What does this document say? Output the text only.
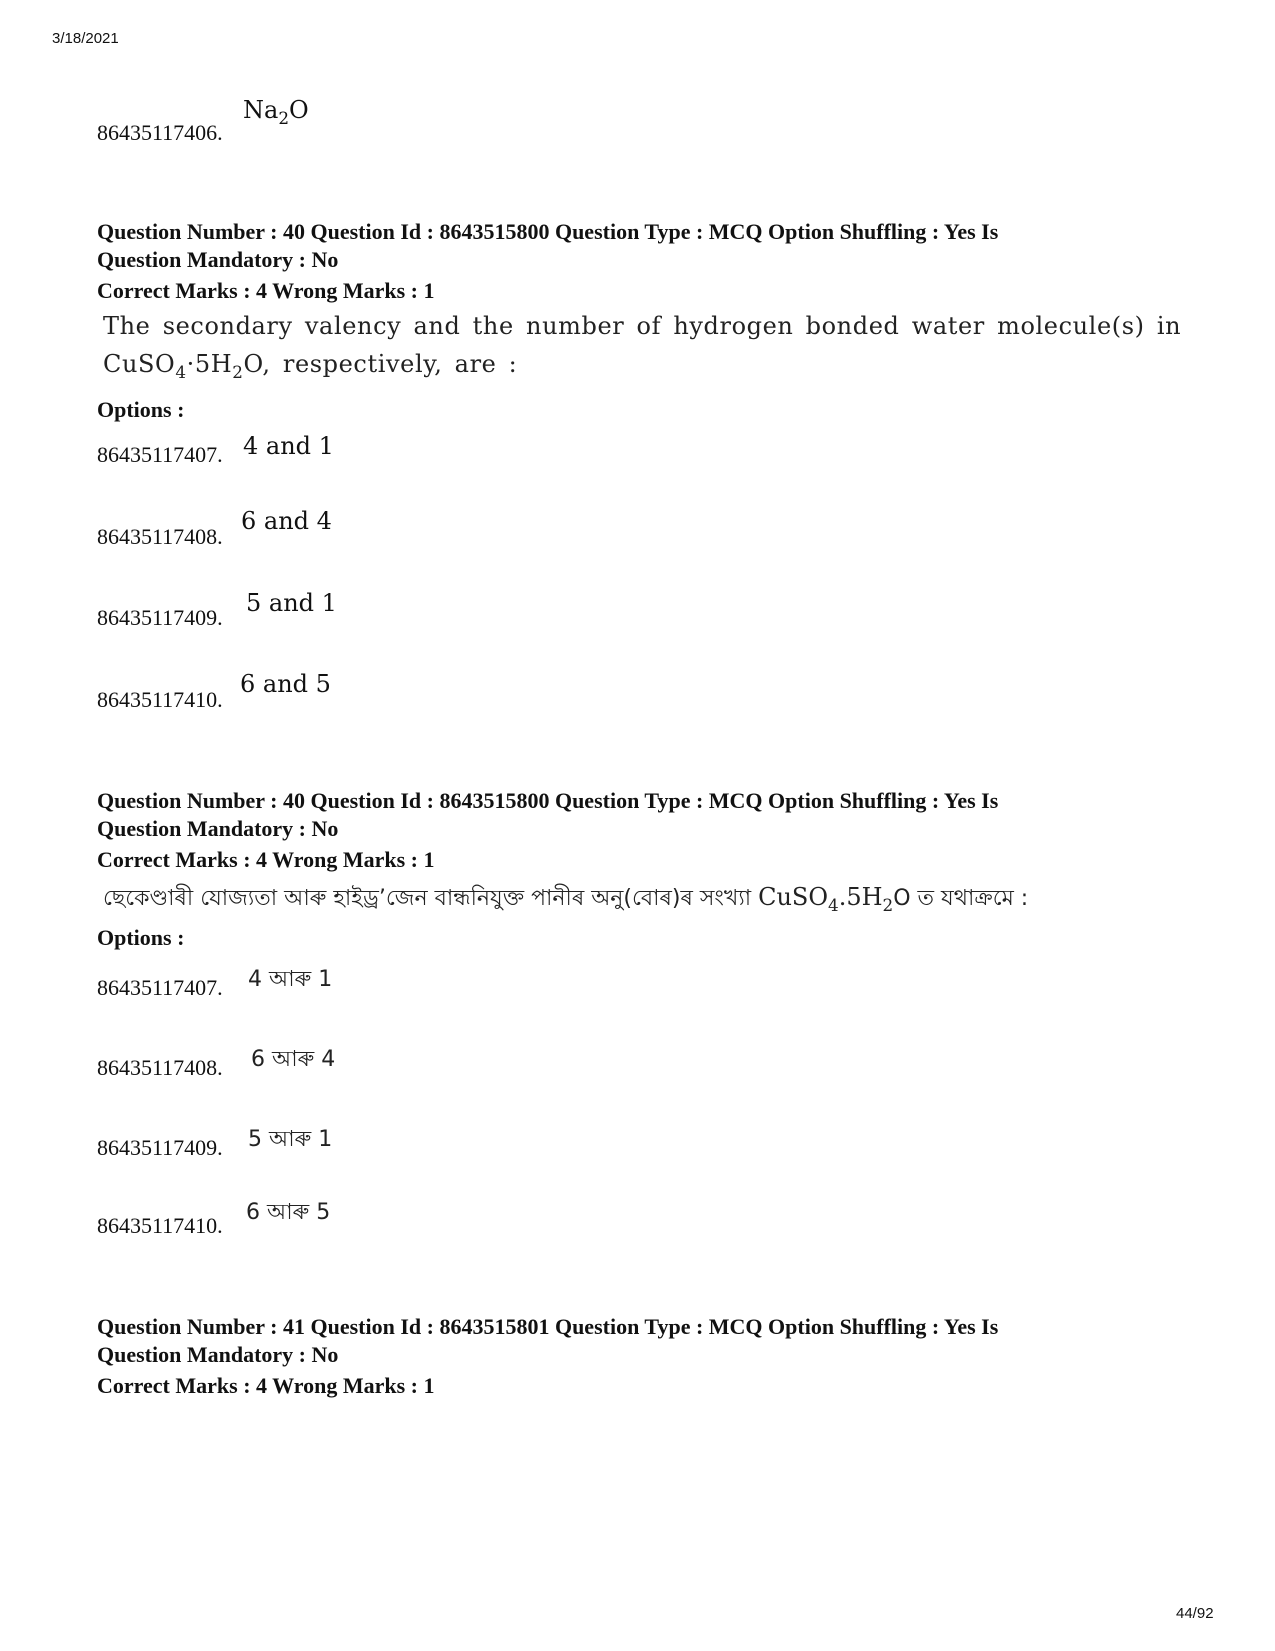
3/18/2021
86435117406.
$Na_2O$
Question Number : 40 Question Id : 8643515800 Question Type : MCQ Option Shuffling : Yes Is
Question Mandatory : No
Correct Marks : 4 Wrong Marks : 1
The secondary valency and the number of hydrogen bonded water molecule(s) in
$CuSO_4\cdot 5H_2O$, respectively, are :
Options :
86435117407. 4 and 1
86435117408.
6 and 4
86435117409.
5 and 1
86435117410.
6 and 5
Question Number : 40 Question Id : 8643515800 Question Type : MCQ Option Shuffling : Yes Is
Question Mandatory : No
Correct Marks : 4 Wrong Marks : 1
ছেকেণ্ডাৰী যোজ্যতা আৰু হাইড্ৰ’জেন বান্ধনিযুক্ত পানীৰ অনু(বোৰ)ৰ সংখ্যা $CuSO_4.5H_2O$ ত যথাক্ৰমে :
Options :
86435117407. 4 আৰু 1
86435117408. 6 আৰু 4
86435117409. 5 আৰু 1
86435117410.
6 আৰু 5
Question Number : 41 Question Id : 8643515801 Question Type : MCQ Option Shuffling : Yes Is
Question Mandatory : No
Correct Marks : 4 Wrong Marks : 1
44/92
